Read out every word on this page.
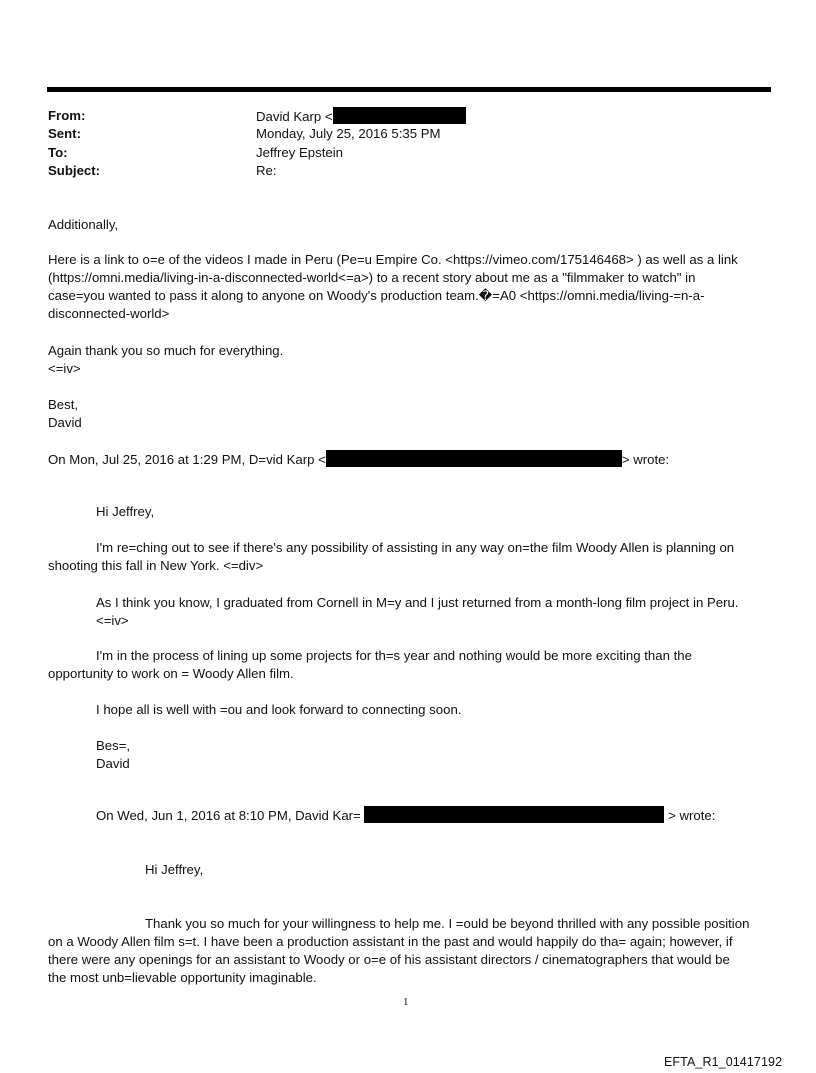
From:	David Karp <
Sent:	Monday, July 25, 2016 5:35 PM
To:	Jeffrey Epstein
Subject:	Re:
Additionally,
Here is a link to o=e of the videos I made in Peru (Pe=u Empire Co. <https://vimeo.com/175146468> ) as well as a link
(https://omni.media/living-in-a-disconnected-world<=a>) to a recent story about me as a "filmmaker to watch" in
case=you wanted to pass it along to anyone on Woody's production team.�=A0 <https://omni.media/living-=n-a-
disconnected-world>
Again thank you so much for everything.
<=iv>
Best,
David
On Mon, Jul 25, 2016 at 1:29 PM, D=vid Karp <	> wrote:
Hi Jeffrey,
I'm re=ching out to see if there's any possibility of assisting in any way on=the film Woody Allen is planning on
shooting this fall in New York. <=div>
As I think you know, I graduated from Cornell in M=y and I just returned from a month-long film project in Peru.
<=iv>
I'm in the process of lining up some projects for th=s year and nothing would be more exciting than the
opportunity to work on = Woody Allen film.
I hope all is well with =ou and look forward to connecting soon.
Bes=,
David
On Wed, Jun 1, 2016 at 8:10 PM, David Kar=	> wrote:
Hi Jeffrey,
Thank you so much for your willingness to help me. I =ould be beyond thrilled with any possible position
on a Woody Allen film s=t. I have been a production assistant in the past and would happily do tha= again; however, if
there were any openings for an assistant to Woody or o=e of his assistant directors / cinematographers that would be
the most unb=lievable opportunity imaginable.
1
EFTA_R1_01417192
